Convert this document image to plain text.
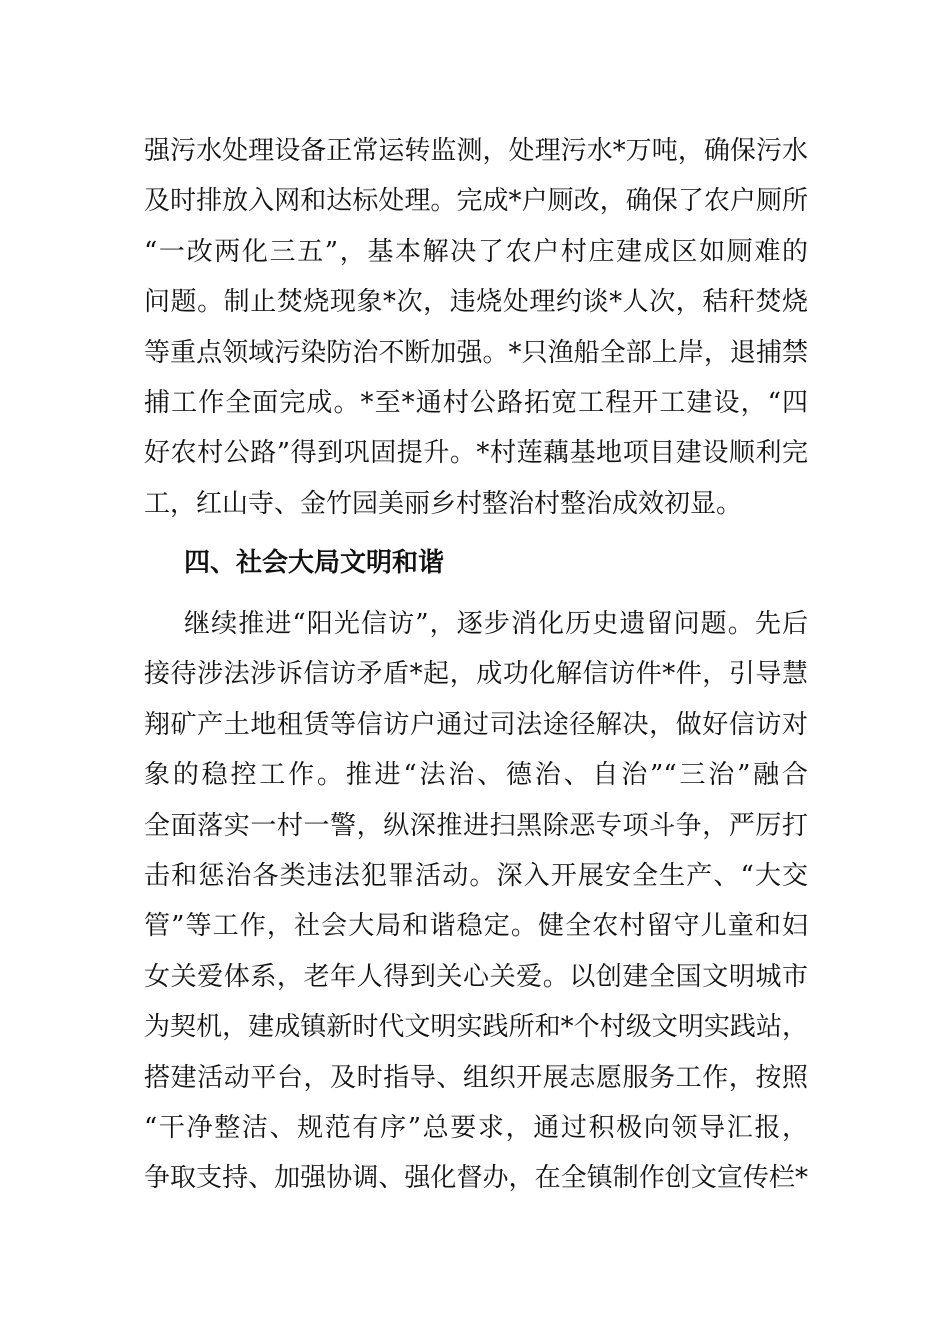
强污水处理设备正常运转监测，处理污水*万吨，确保污水
及时排放入网和达标处理。完成*户厕改，确保了农户厕所
“一改两化三五”，基本解决了农户村庄建成区如厕难的
问题。制止焚烧现象*次，违烧处理约谈*人次，秸秆焚烧
等重点领域污染防治不断加强。*只渔船全部上岸，退捕禁
捕工作全面完成。*至*通村公路拓宽工程开工建设，“四
好农村公路”得到巩固提升。*村莲藕基地项目建设顺利完
工，红山寺、金竹园美丽乡村整治村整治成效初显。
四、社会大局文明和谐
继续推进“阳光信访”，逐步消化历史遗留问题。先后
接待涉法涉诉信访矛盾*起，成功化解信访件*件，引导慧
翔矿产土地租赁等信访户通过司法途径解决，做好信访对
象的稳控工作。推进“法治、德治、自治”“三治”融合
全面落实一村一警，纵深推进扫黑除恶专项斗争，严厉打
击和惩治各类违法犯罪活动。深入开展安全生产、“大交
管”等工作，社会大局和谐稳定。健全农村留守儿童和妇
女关爱体系，老年人得到关心关爱。以创建全国文明城市
为契机，建成镇新时代文明实践所和*个村级文明实践站，
搭建活动平台，及时指导、组织开展志愿服务工作，按照
“干净整洁、规范有序”总要求，通过积极向领导汇报，
争取支持、加强协调、强化督办，在全镇制作创文宣传栏*
